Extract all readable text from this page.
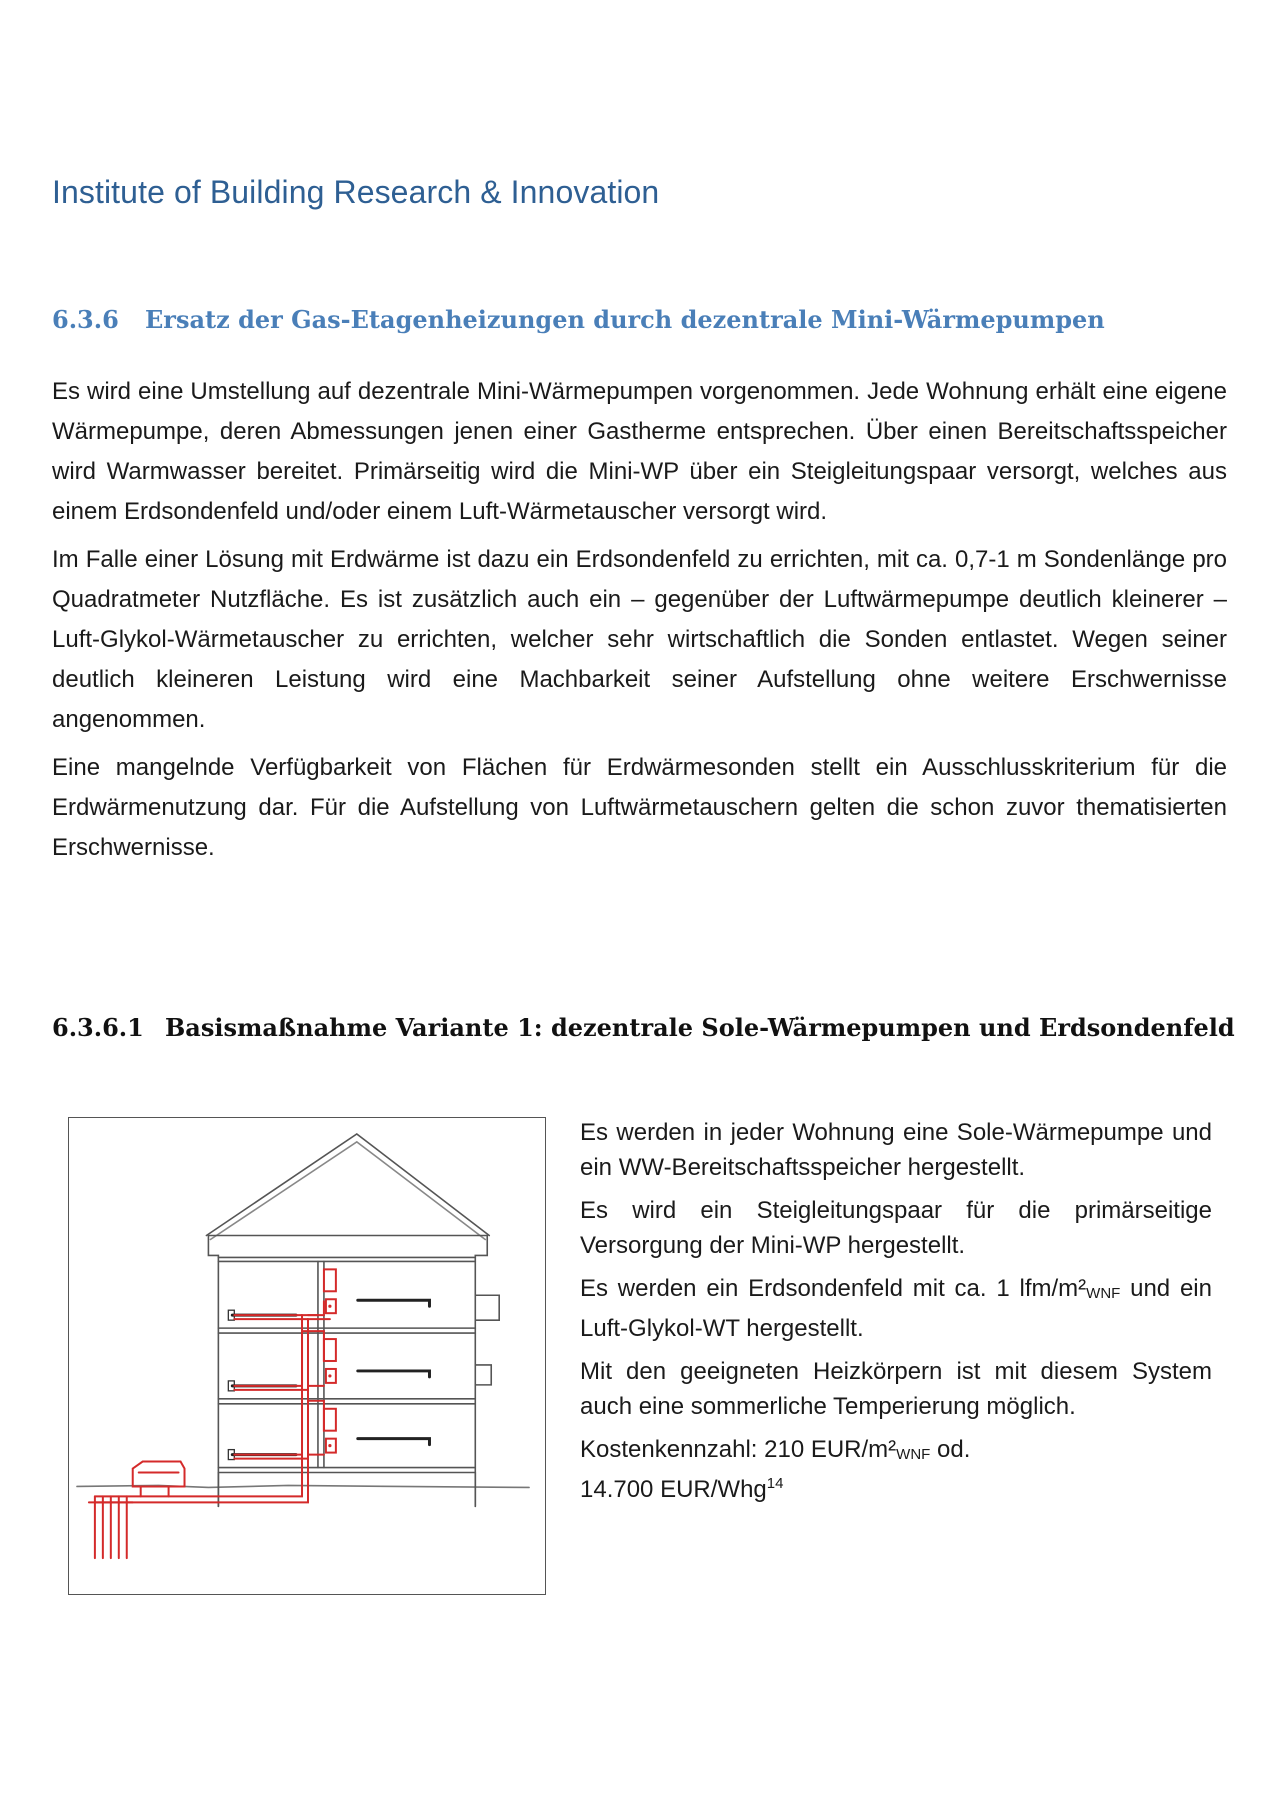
Institute of Building Research & Innovation
6.3.6 Ersatz der Gas-Etagenheizungen durch dezentrale Mini-Wärmepumpen

Es wird eine Umstellung auf dezentrale Mini-Wärmepumpen vorgenommen. Jede Wohnung erhält eine eigene Wärmepumpe, deren Abmessungen jenen einer Gastherme entsprechen. Über einen Bereitschaftsspeicher wird Warmwasser bereitet. Primärseitig wird die Mini-WP über ein Steigleitungspaar versorgt, welches aus einem Erdsondenfeld und/oder einem Luft-Wärmetauscher versorgt wird.

Im Falle einer Lösung mit Erdwärme ist dazu ein Erdsondenfeld zu errichten, mit ca. 0,7-1 m Sondenlänge pro Quadratmeter Nutzfläche. Es ist zusätzlich auch ein – gegenüber der Luftwärmepumpe deutlich kleinerer – Luft-Glykol-Wärmetauscher zu errichten, welcher sehr wirtschaftlich die Sonden entlastet. Wegen seiner deutlich kleineren Leistung wird eine Machbarkeit seiner Aufstellung ohne weitere Erschwernisse angenommen.

Eine mangelnde Verfügbarkeit von Flächen für Erdwärmesonden stellt ein Ausschlusskriterium für die Erdwärmenutzung dar. Für die Aufstellung von Luftwärmetauschern gelten die schon zuvor thematisierten Erschwernisse.

6.3.6.1 Basismaßnahme Variante 1: dezentrale Sole-Wärmepumpen und Erdsondenfeld

Es werden in jeder Wohnung eine Sole-Wärmepumpe und ein WW-Bereitschaftsspeicher hergestellt.

Es wird ein Steigleitungspaar für die primärseitige Versorgung der Mini-WP hergestellt.

Es werden ein Erdsondenfeld mit ca. 1 lfm/$m^2_{WNF}$ und ein Luft-Glykol-WT hergestellt.

Mit den geeigneten Heizkörpern ist mit diesem System auch eine sommerliche Temperierung möglich.

Kostenkennzahl: 210 EUR/$m^2_{WNF}$ od.

14.700 EUR/Whg$^{14}$
